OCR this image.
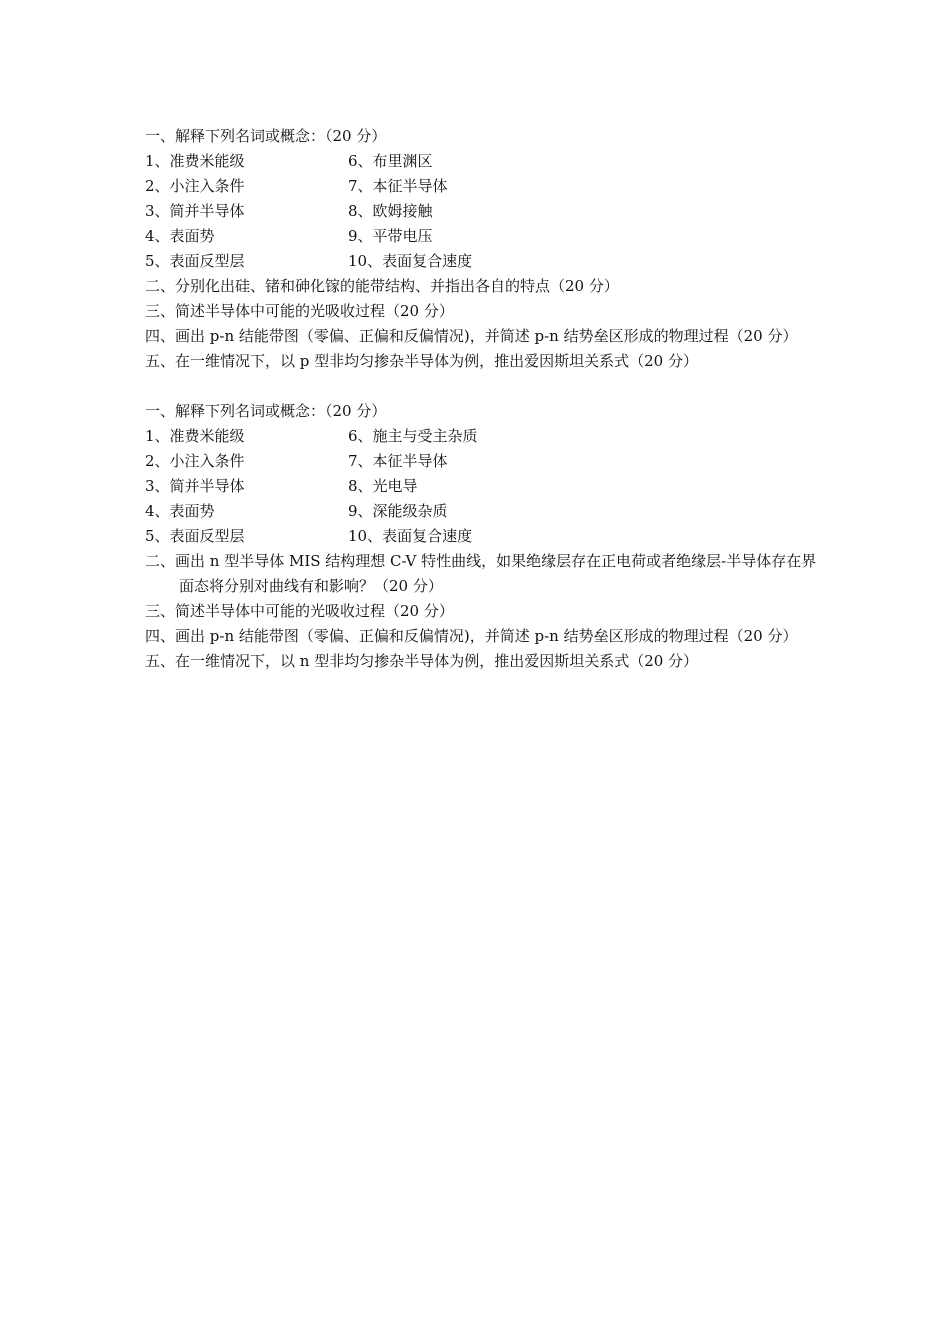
一、解释下列名词或概念：（20 分）
1、准费米能级	6、布里渊区
2、小注入条件	7、本征半导体
3、简并半导体	8、欧姆接触
4、表面势	9、平带电压
5、表面反型层	10、表面复合速度
二、分别化出硅、锗和砷化镓的能带结构、并指出各自的特点（20 分）
三、简述半导体中可能的光吸收过程（20 分）
四、画出 p-n 结能带图（零偏、正偏和反偏情况)，并简述 p-n 结势垒区形成的物理过程（20 分）
五、在一维情况下，以 p 型非均匀掺杂半导体为例，推出爱因斯坦关系式（20 分）
一、解释下列名词或概念：（20 分）
1、准费米能级	6、施主与受主杂质
2、小注入条件	7、本征半导体
3、简并半导体	8、光电导
4、表面势	9、深能级杂质
5、表面反型层	10、表面复合速度
二、画出 n 型半导体 MIS 结构理想 C-V 特性曲线，如果绝缘层存在正电荷或者绝缘层-半导体存在界面态将分别对曲线有和影响？（20 分）
三、简述半导体中可能的光吸收过程（20 分）
四、画出 p-n 结能带图（零偏、正偏和反偏情况)，并简述 p-n 结势垒区形成的物理过程（20 分）
五、在一维情况下，以 n 型非均匀掺杂半导体为例，推出爱因斯坦关系式（20 分）
